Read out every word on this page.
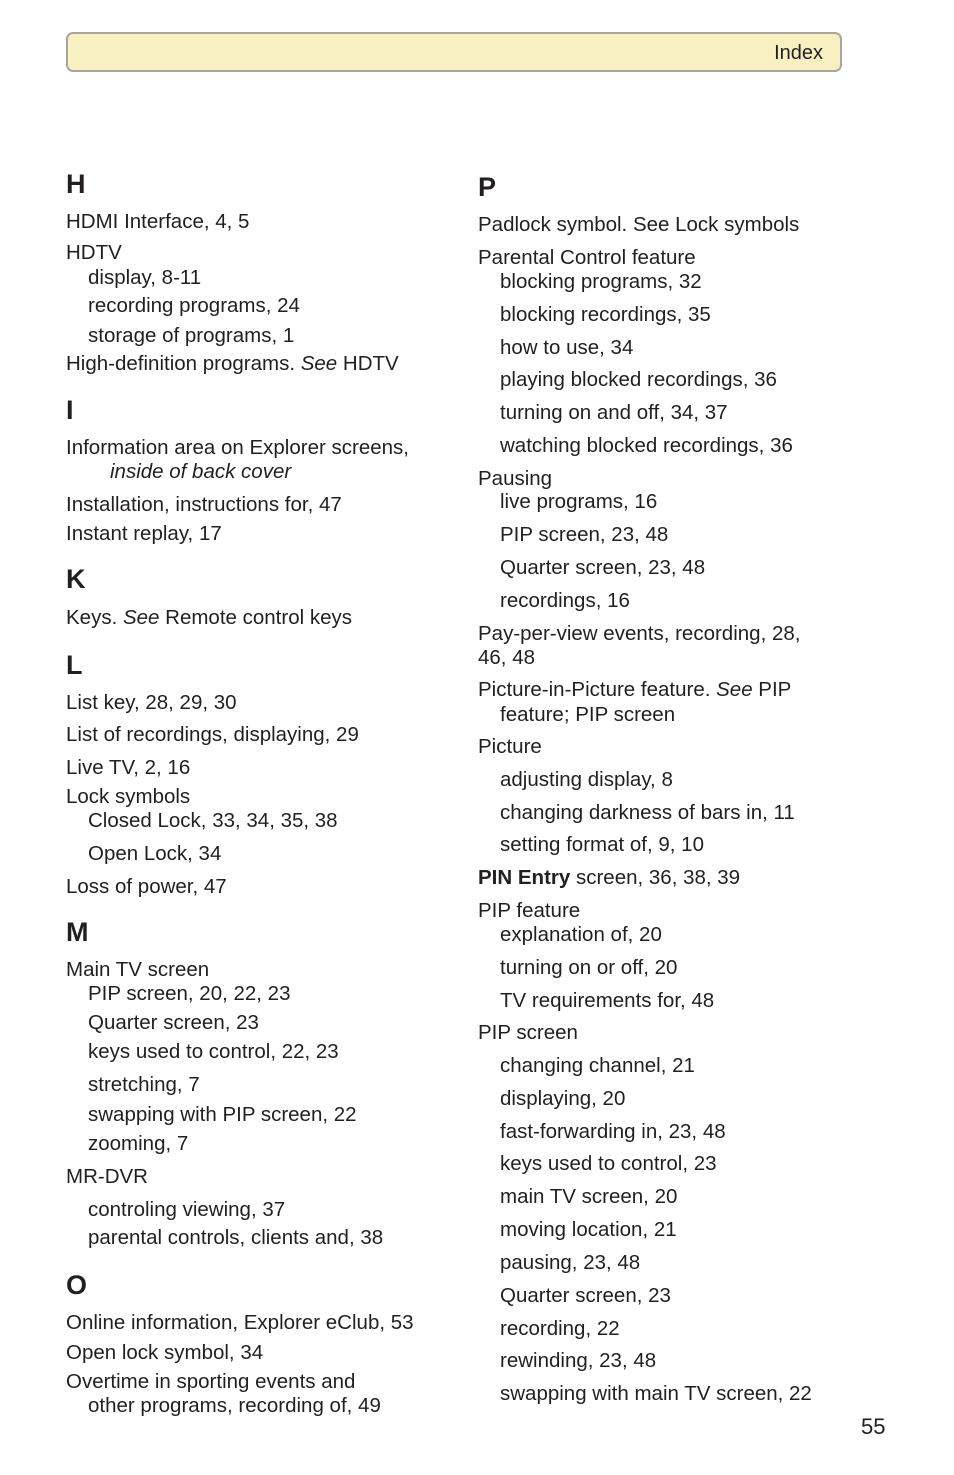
Index
H
HDMI Interface, 4, 5
HDTV
display, 8-11
recording programs, 24
storage of programs, 1
High-definition programs. See HDTV
I
Information area on Explorer screens,
inside of back cover
Installation, instructions for, 47
Instant replay, 17
K
Keys. See Remote control keys
L
List key, 28, 29, 30
List of recordings, displaying, 29
Live TV, 2, 16
Lock symbols
Closed Lock, 33, 34, 35, 38
Open Lock, 34
Loss of power, 47
M
Main TV screen
PIP screen, 20, 22, 23
Quarter screen, 23
keys used to control, 22, 23
stretching, 7
swapping with PIP screen, 22
zooming, 7
MR-DVR
controling viewing, 37
parental controls, clients and, 38
O
Online information, Explorer eClub, 53
Open lock symbol, 34
Overtime in sporting events and
other programs, recording of, 49
P
Padlock symbol. See Lock symbols
Parental Control feature
blocking programs, 32
blocking recordings, 35
how to use, 34
playing blocked recordings, 36
turning on and off, 34, 37
watching blocked recordings, 36
Pausing
live programs, 16
PIP screen, 23, 48
Quarter screen, 23, 48
recordings, 16
Pay-per-view events, recording, 28,
46, 48
Picture-in-Picture feature. See PIP
feature; PIP screen
Picture
adjusting display, 8
changing darkness of bars in, 11
setting format of, 9, 10
PIN Entry screen, 36, 38, 39
PIP feature
explanation of, 20
turning on or off, 20
TV requirements for, 48
PIP screen
changing channel, 21
displaying, 20
fast-forwarding in, 23, 48
keys used to control, 23
main TV screen, 20
moving location, 21
pausing, 23, 48
Quarter screen, 23
recording, 22
rewinding, 23, 48
swapping with main TV screen, 22
55
